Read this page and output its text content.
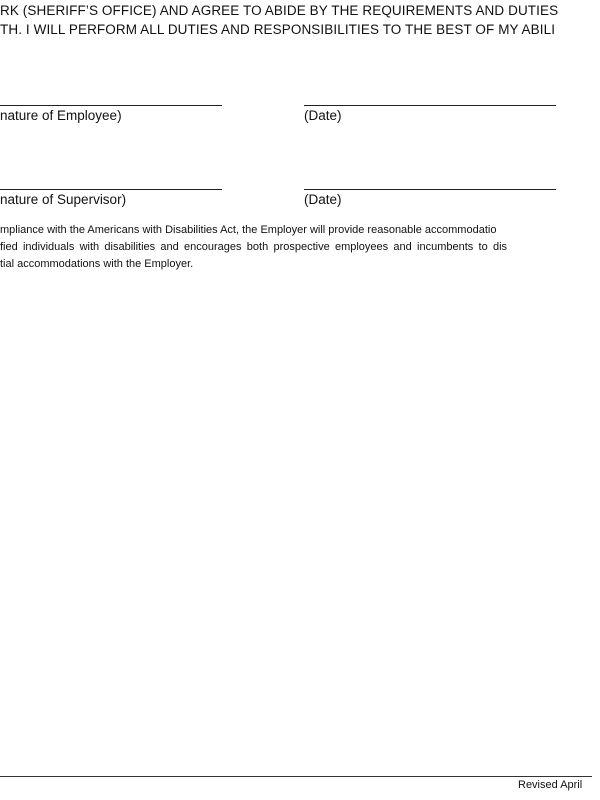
RK (SHERIFF’S OFFICE) AND AGREE TO ABIDE BY THE REQUIREMENTS AND DUTIES
TH. I WILL PERFORM ALL DUTIES AND RESPONSIBILITIES TO THE BEST OF MY ABILI
nature of Employee)	(Date)
nature of Supervisor)	(Date)
mpliance with the Americans with Disabilities Act, the Employer will provide reasonable accommodatio
fied individuals with disabilities and encourages both prospective employees and incumbents to dis
tial accommodations with the Employer.
Revised April
